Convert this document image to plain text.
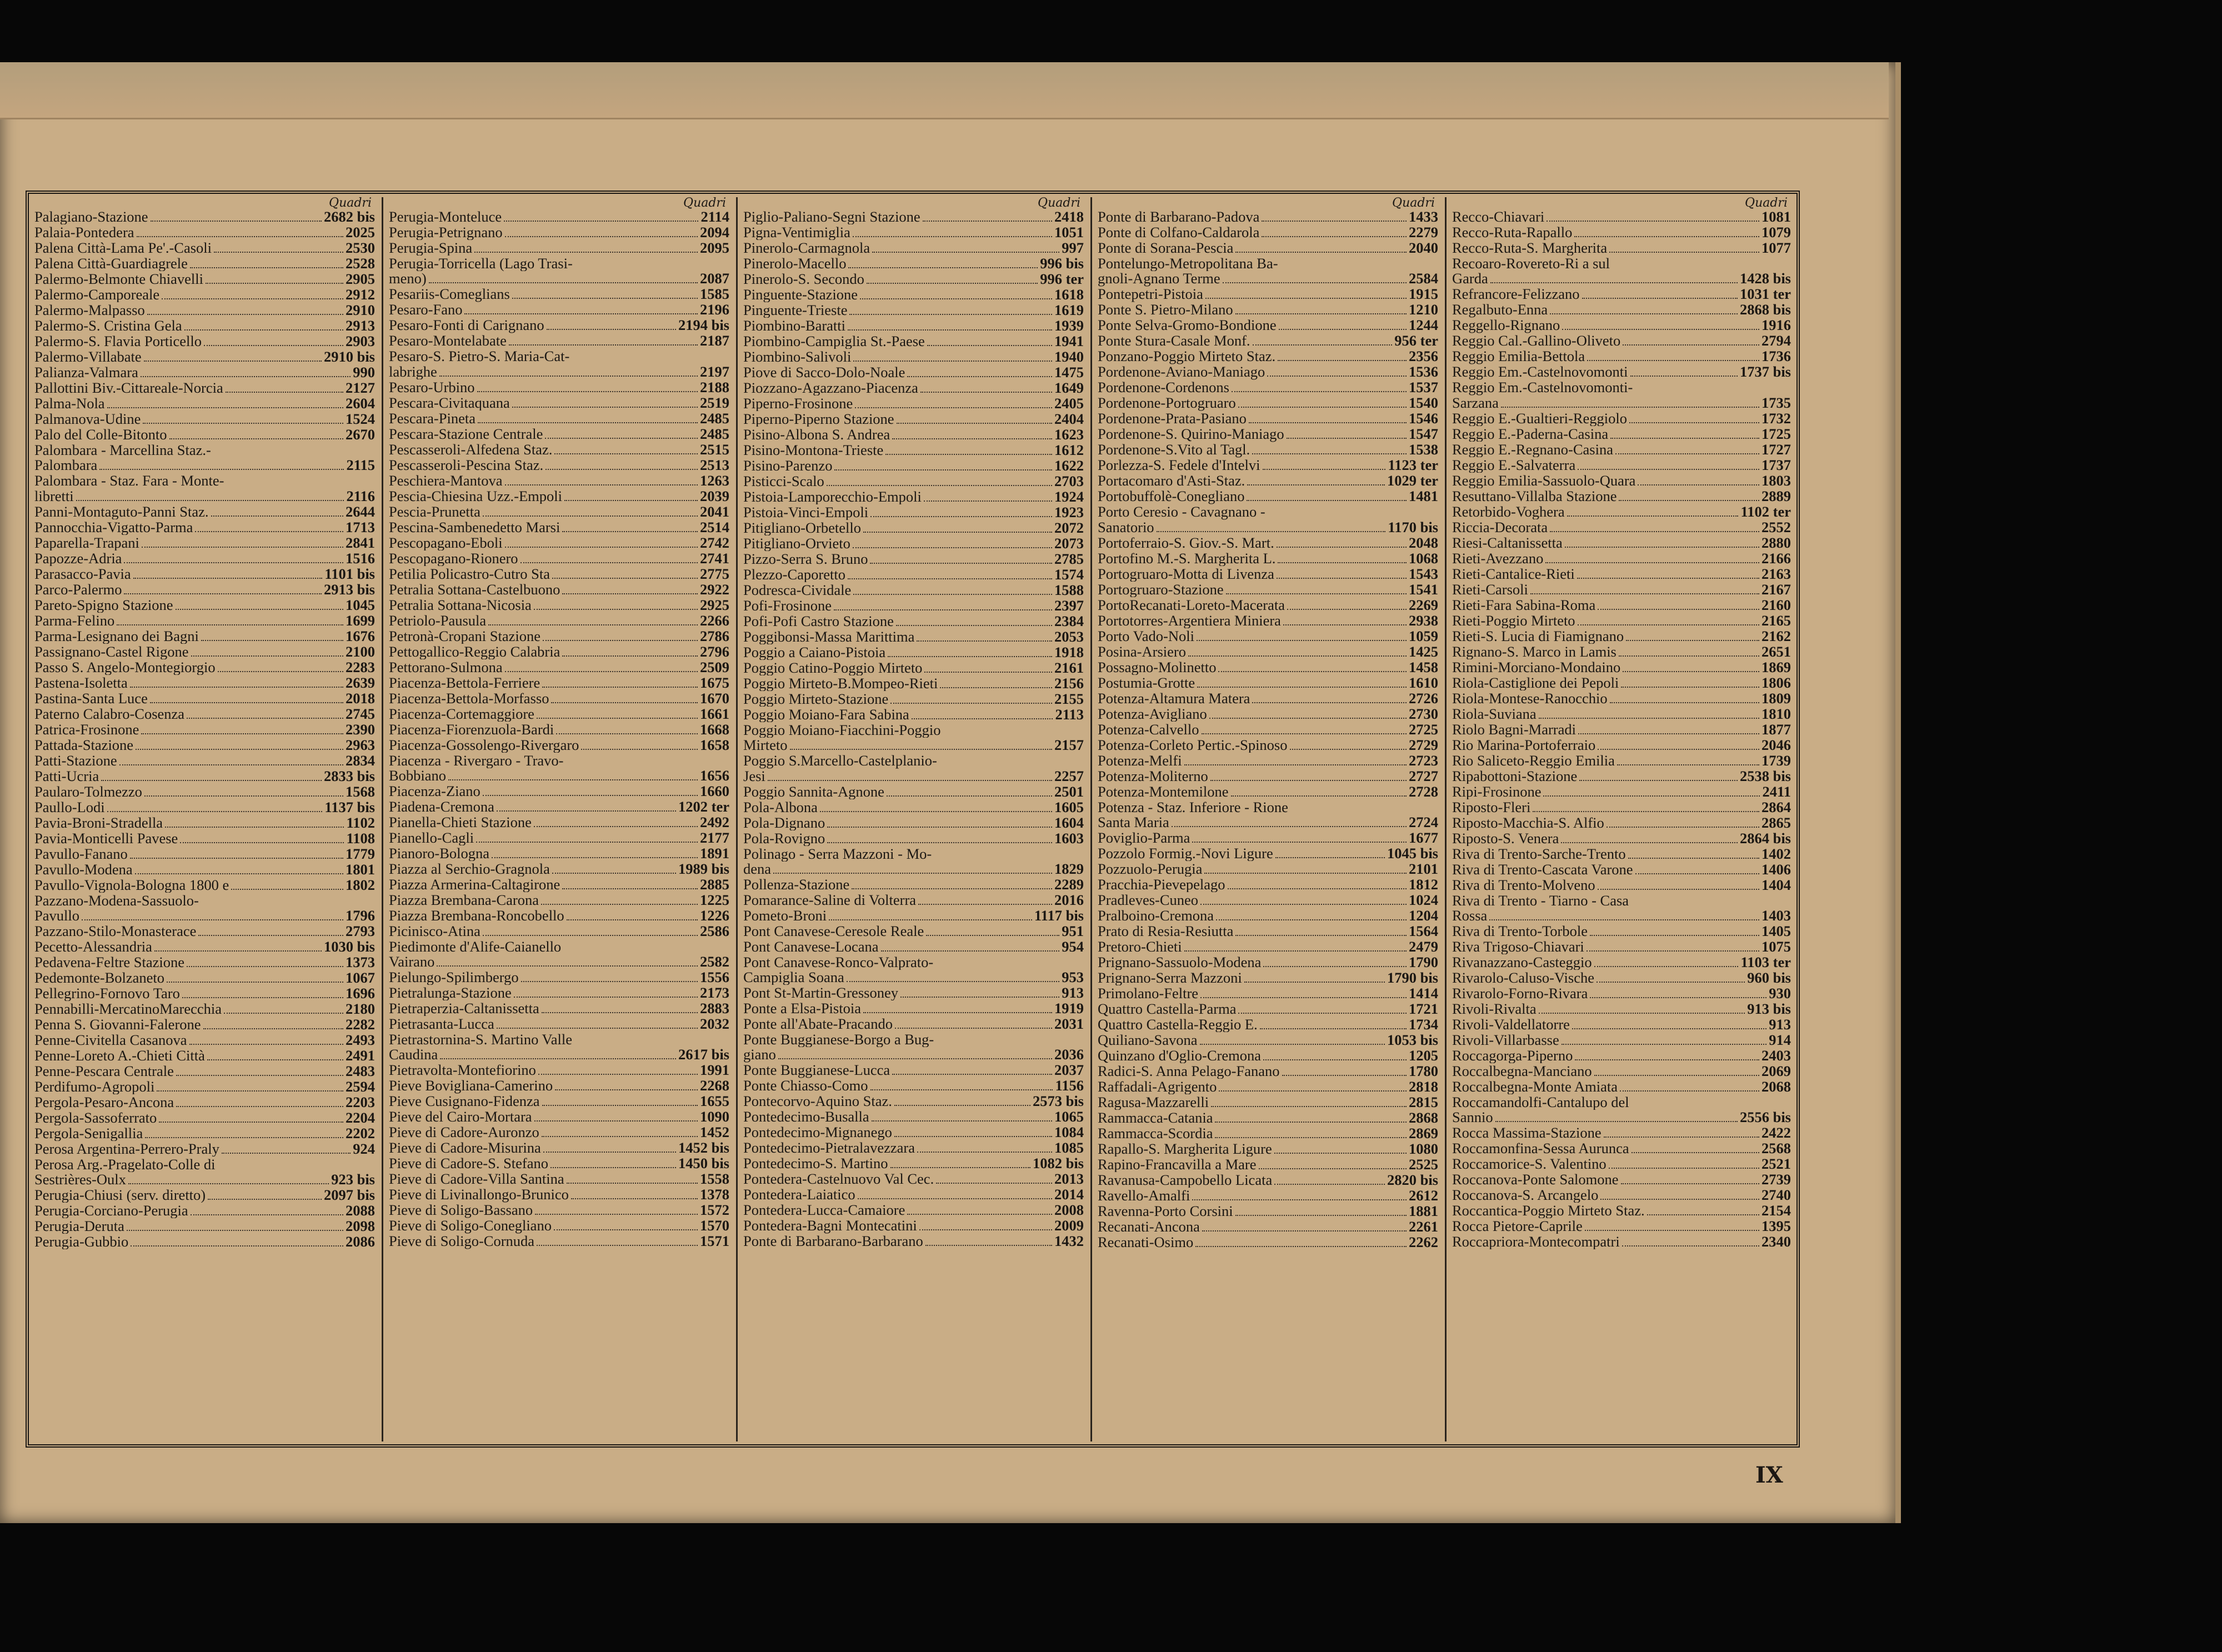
Quadri
Palagiano-Stazione	2682 bis
Palaia-Pontedera	2025
Palena Città-Lama Pe'.-Casoli	2530
Palena Città-Guardiagrele	2528
Palermo-Belmonte Chiavelli	2905
Palermo-Camporeale	2912
Palermo-Malpasso	2910
Palermo-S. Cristina Gela	2913
Palermo-S. Flavia Porticello	2903
Palermo-Villabate	2910 bis
Palianza-Valmara	990
Pallottini Biv.-Cittareale-Norcia	2127
Palma-Nola	2604
Palmanova-Udine	1524
Palo del Colle-Bitonto	2670
Palombara - Marcellina Staz.-
Palombara	2115
Palombara - Staz. Fara - Monte-
libretti	2116
Panni-Montaguto-Panni Staz.	2644
Pannocchia-Vigatto-Parma	1713
Paparella-Trapani	2841
Papozze-Adria	1516
Parasacco-Pavia	1101 bis
Parco-Palermo	2913 bis
Pareto-Spigno Stazione	1045
Parma-Felino	1699
Parma-Lesignano dei Bagni	1676
Passignano-Castel Rigone	2100
Passo S. Angelo-Montegiorgio	2283
Pastena-Isoletta	2639
Pastina-Santa Luce	2018
Paterno Calabro-Cosenza	2745
Patrica-Frosinone	2390
Pattada-Stazione	2963
Patti-Stazione	2834
Patti-Ucria	2833 bis
Paularo-Tolmezzo	1568
Paullo-Lodi	1137 bis
Pavia-Broni-Stradella	1102
Pavia-Monticelli Pavese	1108
Pavullo-Fanano	1779
Pavullo-Modena	1801
Pavullo-Vignola-Bologna 1800 e	1802
Pazzano-Modena-Sassuolo-
Pavullo	1796
Pazzano-Stilo-Monasterace	2793
Pecetto-Alessandria	1030 bis
Pedavena-Feltre Stazione	1373
Pedemonte-Bolzaneto	1067
Pellegrino-Fornovo Taro	1696
Pennabilli-MercatinoMarecchia	2180
Penna S. Giovanni-Falerone	2282
Penne-Civitella Casanova	2493
Penne-Loreto A.-Chieti Città	2491
Penne-Pescara Centrale	2483
Perdifumo-Agropoli	2594
Pergola-Pesaro-Ancona	2203
Pergola-Sassoferrato	2204
Pergola-Senigallia	2202
Perosa Argentina-Perrero-Praly	924
Perosa Arg.-Pragelato-Colle di
Sestrières-Oulx	923 bis
Perugia-Chiusi (serv. diretto)	2097 bis
Perugia-Corciano-Perugia	2088
Perugia-Deruta	2098
Perugia-Gubbio	2086
Quadri
Perugia-Monteluce	2114
Perugia-Petrignano	2094
Perugia-Spina	2095
Perugia-Torricella (Lago Trasi-
meno)	2087
Pesariis-Comeglians	1585
Pesaro-Fano	2196
Pesaro-Fonti di Carignano	2194 bis
Pesaro-Montelabate	2187
Pesaro-S. Pietro-S. Maria-Cat-
labrighe	2197
Pesaro-Urbino	2188
Pescara-Civitaquana	2519
Pescara-Pineta	2485
Pescara-Stazione Centrale	2485
Pescasseroli-Alfedena Staz.	2515
Pescasseroli-Pescina Staz.	2513
Peschiera-Mantova	1263
Pescia-Chiesina Uzz.-Empoli	2039
Pescia-Prunetta	2041
Pescina-Sambenedetto Marsi	2514
Pescopagano-Eboli	2742
Pescopagano-Rionero	2741
Petilia Policastro-Cutro Sta	2775
Petralia Sottana-Castelbuono	2922
Petralia Sottana-Nicosia	2925
Petriolo-Pausula	2266
Petronà-Cropani Stazione	2786
Pettogallico-Reggio Calabria	2796
Pettorano-Sulmona	2509
Piacenza-Bettola-Ferriere	1675
Piacenza-Bettola-Morfasso	1670
Piacenza-Cortemaggiore	1661
Piacenza-Fiorenzuola-Bardi	1668
Piacenza-Gossolengo-Rivergaro	1658
Piacenza - Rivergaro - Travo-
Bobbiano	1656
Piacenza-Ziano	1660
Piadena-Cremona	1202 ter
Pianella-Chieti Stazione	2492
Pianello-Cagli	2177
Pianoro-Bologna	1891
Piazza al Serchio-Gragnola	1989 bis
Piazza Armerina-Caltagirone	2885
Piazza Brembana-Carona	1225
Piazza Brembana-Roncobello	1226
Picinisco-Atina	2586
Piedimonte d'Alife-Caianello
Vairano	2582
Pielungo-Spilimbergo	1556
Pietralunga-Stazione	2173
Pietraperzia-Caltanissetta	2883
Pietrasanta-Lucca	2032
Pietrastornina-S. Martino Valle
Caudina	2617 bis
Pietravolta-Montefiorino	1991
Pieve Bovigliana-Camerino	2268
Pieve Cusignano-Fidenza	1655
Pieve del Cairo-Mortara	1090
Pieve di Cadore-Auronzo	1452
Pieve di Cadore-Misurina	1452 bis
Pieve di Cadore-S. Stefano	1450 bis
Pieve di Cadore-Villa Santina	1558
Pieve di Livinallongo-Brunico	1378
Pieve di Soligo-Bassano	1572
Pieve di Soligo-Conegliano	1570
Pieve di Soligo-Cornuda	1571
Quadri
Piglio-Paliano-Segni Stazione	2418
Pigna-Ventimiglia	1051
Pinerolo-Carmagnola	997
Pinerolo-Macello	996 bis
Pinerolo-S. Secondo	996 ter
Pinguente-Stazione	1618
Pinguente-Trieste	1619
Piombino-Baratti	1939
Piombino-Campiglia St.-Paese	1941
Piombino-Salivoli	1940
Piove di Sacco-Dolo-Noale	1475
Piozzano-Agazzano-Piacenza	1649
Piperno-Frosinone	2405
Piperno-Piperno Stazione	2404
Pisino-Albona S. Andrea	1623
Pisino-Montona-Trieste	1612
Pisino-Parenzo	1622
Pisticci-Scalo	2703
Pistoia-Lamporecchio-Empoli	1924
Pistoia-Vinci-Empoli	1923
Pitigliano-Orbetello	2072
Pitigliano-Orvieto	2073
Pizzo-Serra S. Bruno	2785
Plezzo-Caporetto	1574
Podresca-Cividale	1588
Pofi-Frosinone	2397
Pofi-Pofi Castro Stazione	2384
Poggibonsi-Massa Marittima	2053
Poggio a Caiano-Pistoia	1918
Poggio Catino-Poggio Mirteto	2161
Poggio Mirteto-B.Mompeo-Rieti	2156
Poggio Mirteto-Stazione	2155
Poggio Moiano-Fara Sabina	2113
Poggio Moiano-Fiacchini-Poggio
Mirteto	2157
Poggio S.Marcello-Castelplanio-
Jesi	2257
Poggio Sannita-Agnone	2501
Pola-Albona	1605
Pola-Dignano	1604
Pola-Rovigno	1603
Polinago - Serra Mazzoni - Mo-
dena	1829
Pollenza-Stazione	2289
Pomarance-Saline di Volterra	2016
Pometo-Broni	1117 bis
Pont Canavese-Ceresole Reale	951
Pont Canavese-Locana	954
Pont Canavese-Ronco-Valprato-
Campiglia Soana	953
Pont St-Martin-Gressoney	913
Ponte a Elsa-Pistoia	1919
Ponte all'Abate-Pracando	2031
Ponte Buggianese-Borgo a Bug-
giano	2036
Ponte Buggianese-Lucca	2037
Ponte Chiasso-Como	1156
Pontecorvo-Aquino Staz.	2573 bis
Pontedecimo-Busalla	1065
Pontedecimo-Mignanego	1084
Pontedecimo-Pietralavezzara	1085
Pontedecimo-S. Martino	1082 bis
Pontedera-Castelnuovo Val Cec.	2013
Pontedera-Laiatico	2014
Pontedera-Lucca-Camaiore	2008
Pontedera-Bagni Montecatini	2009
Ponte di Barbarano-Barbarano	1432
Quadri
Ponte di Barbarano-Padova	1433
Ponte di Colfano-Caldarola	2279
Ponte di Sorana-Pescia	2040
Pontelungo-Metropolitana Ba-
gnoli-Agnano Terme	2584
Pontepetri-Pistoia	1915
Ponte S. Pietro-Milano	1210
Ponte Selva-Gromo-Bondione	1244
Ponte Stura-Casale Monf.	956 ter
Ponzano-Poggio Mirteto Staz.	2356
Pordenone-Aviano-Maniago	1536
Pordenone-Cordenons	1537
Pordenone-Portogruaro	1540
Pordenone-Prata-Pasiano	1546
Pordenone-S. Quirino-Maniago	1547
Pordenone-S.Vito al Tagl.	1538
Porlezza-S. Fedele d'Intelvi	1123 ter
Portacomaro d'Asti-Staz.	1029 ter
Portobuffolè-Conegliano	1481
Porto Ceresio - Cavagnano -
Sanatorio	1170 bis
Portoferraio-S. Giov.-S. Mart.	2048
Portofino M.-S. Margherita L.	1068
Portogruaro-Motta di Livenza	1543
Portogruaro-Stazione	1541
PortoRecanati-Loreto-Macerata	2269
Portotorres-Argentiera Miniera	2938
Porto Vado-Noli	1059
Posina-Arsiero	1425
Possagno-Molinetto	1458
Postumia-Grotte	1610
Potenza-Altamura Matera	2726
Potenza-Avigliano	2730
Potenza-Calvello	2725
Potenza-Corleto Pertic.-Spinoso	2729
Potenza-Melfi	2723
Potenza-Moliterno	2727
Potenza-Montemilone	2728
Potenza - Staz. Inferiore - Rione
Santa Maria	2724
Poviglio-Parma	1677
Pozzolo Formig.-Novi Ligure	1045 bis
Pozzuolo-Perugia	2101
Pracchia-Pievepelago	1812
Pradleves-Cuneo	1024
Pralboino-Cremona	1204
Prato di Resia-Resiutta	1564
Pretoro-Chieti	2479
Prignano-Sassuolo-Modena	1790
Prignano-Serra Mazzoni	1790 bis
Primolano-Feltre	1414
Quattro Castella-Parma	1721
Quattro Castella-Reggio E.	1734
Quiliano-Savona	1053 bis
Quinzano d'Oglio-Cremona	1205
Radici-S. Anna Pelago-Fanano	1780
Raffadali-Agrigento	2818
Ragusa-Mazzarelli	2815
Rammacca-Catania	2868
Rammacca-Scordia	2869
Rapallo-S. Margherita Ligure	1080
Rapino-Francavilla a Mare	2525
Ravanusa-Campobello Licata	2820 bis
Ravello-Amalfi	2612
Ravenna-Porto Corsini	1881
Recanati-Ancona	2261
Recanati-Osimo	2262
Quadri
Recco-Chiavari	1081
Recco-Ruta-Rapallo	1079
Recco-Ruta-S. Margherita	1077
Recoaro-Rovereto-Ri a sul
Garda	1428 bis
Refrancore-Felizzano	1031 ter
Regalbuto-Enna	2868 bis
Reggello-Rignano	1916
Reggio Cal.-Gallino-Oliveto	2794
Reggio Emilia-Bettola	1736
Reggio Em.-Castelnovomonti	1737 bis
Reggio Em.-Castelnovomonti-
Sarzana	1735
Reggio E.-Gualtieri-Reggiolo	1732
Reggio E.-Paderna-Casina	1725
Reggio E.-Regnano-Casina	1727
Reggio E.-Salvaterra	1737
Reggio Emilia-Sassuolo-Quara	1803
Resuttano-Villalba Stazione	2889
Retorbido-Voghera	1102 ter
Riccia-Decorata	2552
Riesi-Caltanissetta	2880
Rieti-Avezzano	2166
Rieti-Cantalice-Rieti	2163
Rieti-Carsoli	2167
Rieti-Fara Sabina-Roma	2160
Rieti-Poggio Mirteto	2165
Rieti-S. Lucia di Fiamignano	2162
Rignano-S. Marco in Lamis	2651
Rimini-Morciano-Mondaino	1869
Riola-Castiglione dei Pepoli	1806
Riola-Montese-Ranocchio	1809
Riola-Suviana	1810
Riolo Bagni-Marradi	1877
Rio Marina-Portoferraio	2046
Rio Saliceto-Reggio Emilia	1739
Ripabottoni-Stazione	2538 bis
Ripi-Frosinone	2411
Riposto-Fleri	2864
Riposto-Macchia-S. Alfio	2865
Riposto-S. Venera	2864 bis
Riva di Trento-Sarche-Trento	1402
Riva di Trento-Cascata Varone	1406
Riva di Trento-Molveno	1404
Riva di Trento - Tiarno - Casa
Rossa	1403
Riva di Trento-Torbole	1405
Riva Trigoso-Chiavari	1075
Rivanazzano-Casteggio	1103 ter
Rivarolo-Caluso-Vische	960 bis
Rivarolo-Forno-Rivara	930
Rivoli-Rivalta	913 bis
Rivoli-Valdellatorre	913
Rivoli-Villarbasse	914
Roccagorga-Piperno	2403
Roccalbegna-Manciano	2069
Roccalbegna-Monte Amiata	2068
Roccamandolfi-Cantalupo del
Sannio	2556 bis
Rocca Massima-Stazione	2422
Roccamonfina-Sessa Aurunca	2568
Roccamorice-S. Valentino	2521
Roccanova-Ponte Salomone	2739
Roccanova-S. Arcangelo	2740
Roccantica-Poggio Mirteto Staz.	2154
Rocca Pietore-Caprile	1395
Roccapriora-Montecompatri	2340
IX
